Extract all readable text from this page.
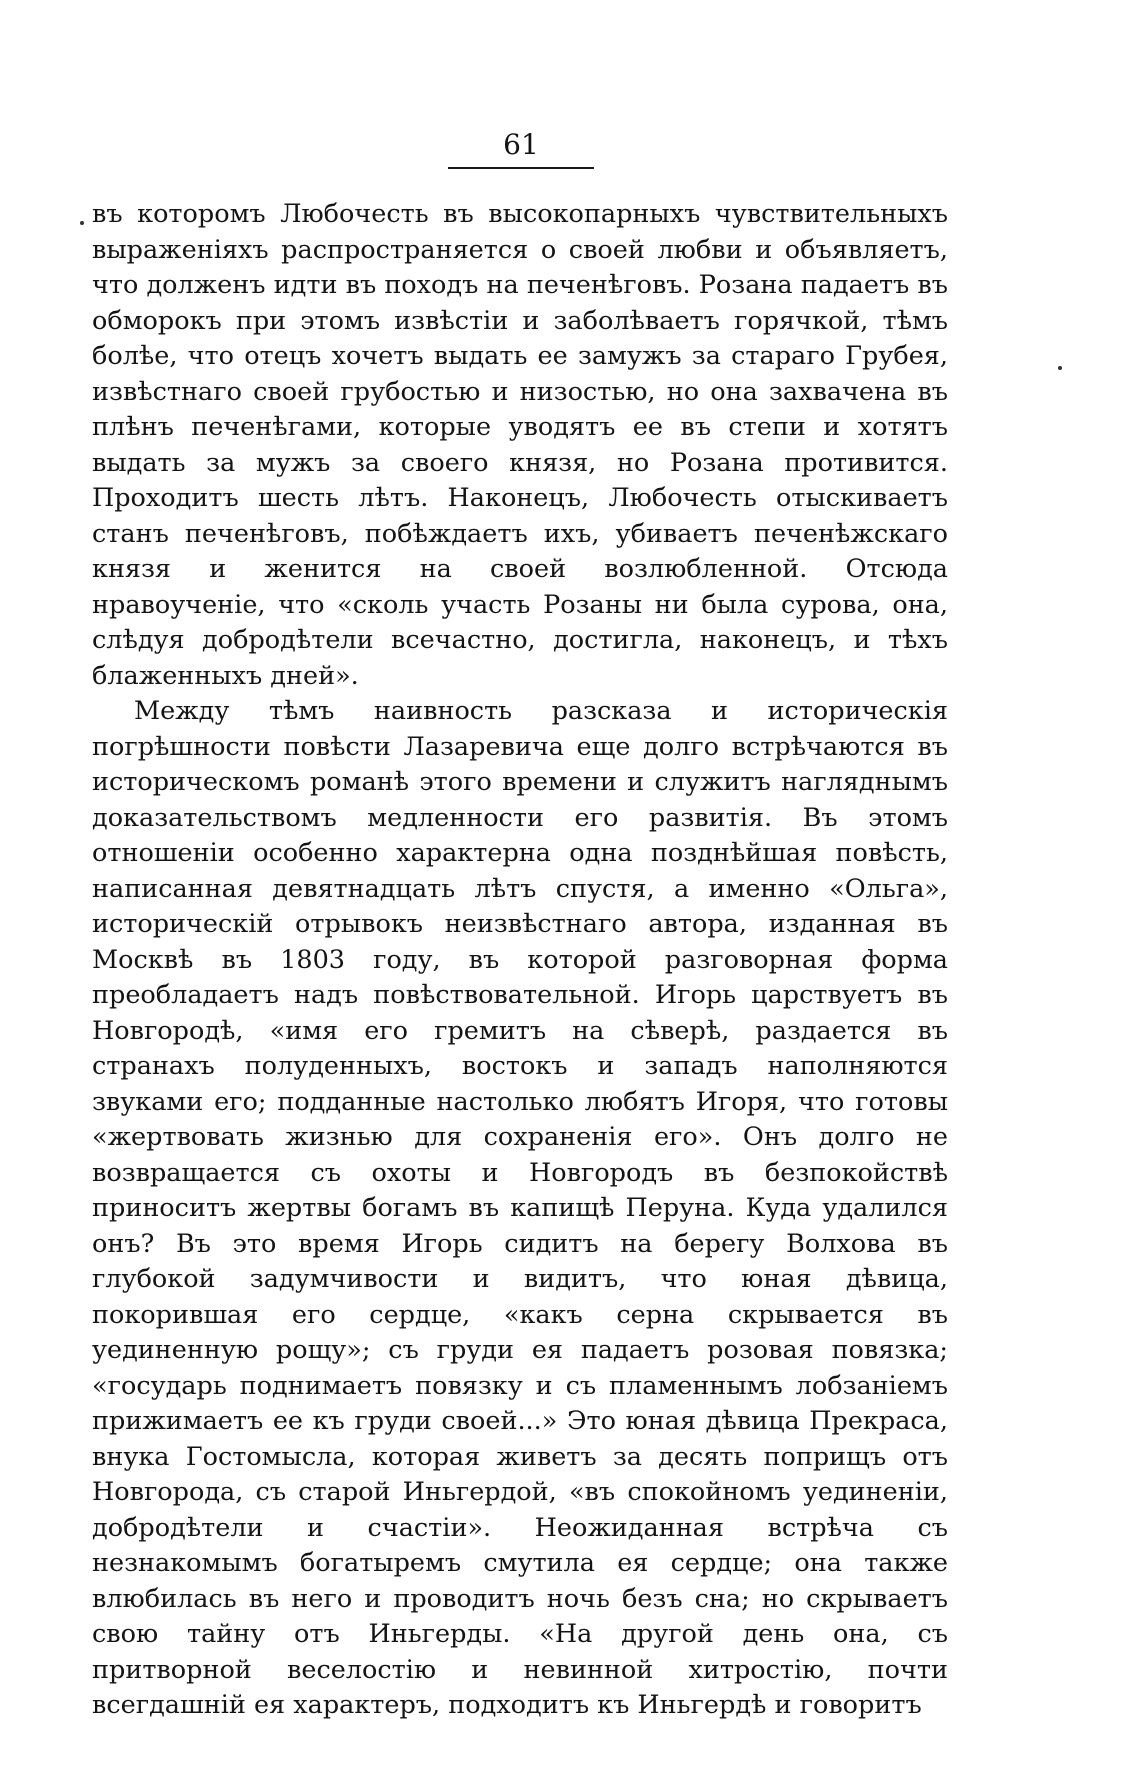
61

въ которомъ Любочесть въ высокопарныхъ чувствительныхъ выраженіяхъ распространяется о своей любви и объявляетъ, что долженъ идти въ походъ на печенѣговъ. Розана падаетъ въ обморокъ при этомъ извѣстіи и заболѣваетъ горячкой, тѣмъ болѣе, что отецъ хочетъ выдать ее замужъ за стараго Грубея, извѣстнаго своей грубостью и низостью, но она захвачена въ плѣнъ печенѣгами, которые уводятъ ее въ степи и хотятъ выдать за мужъ за своего князя, но Розана противится. Проходитъ шесть лѣтъ. Наконецъ, Любочесть отыскиваетъ станъ печенѣговъ, побѣждаетъ ихъ, убиваетъ печенѣжскаго князя и женится на своей возлюбленной. Отсюда нравоученіе, что «сколь участь Розаны ни была сурова, она, слѣдуя добродѣтели всечастно, достигла, наконецъ, и тѣхъ блаженныхъ дней».

Между тѣмъ наивность разсказа и историческія погрѣшности повѣсти Лазаревича еще долго встрѣчаются въ историческомъ романѣ этого времени и служитъ нагляднымъ доказательствомъ медленности его развитія. Въ этомъ отношеніи особенно характерна одна позднѣйшая повѣсть, написанная девятнадцать лѣтъ спустя, а именно «Ольга», историческій отрывокъ неизвѣстнаго автора, изданная въ Москвѣ въ 1803 году, въ которой разговорная форма преобладаетъ надъ повѣствовательной. Игорь царствуетъ въ Новгородѣ, «имя его гремитъ на сѣверѣ, раздается въ странахъ полуденныхъ, востокъ и западъ наполняются звуками его; подданные настолько любятъ Игоря, что готовы «жертвовать жизнью для сохраненія его». Онъ долго не возвращается съ охоты и Новгородъ въ безпокойствѣ приноситъ жертвы богамъ въ капищѣ Перуна. Куда удалился онъ? Въ это время Игорь сидитъ на берегу Волхова въ глубокой задумчивости и видитъ, что юная дѣвица, покорившая его сердце, «какъ серна скрывается въ уединенную рощу»; съ груди ея падаетъ розовая повязка; «государь поднимаетъ повязку и съ пламеннымъ лобзаніемъ прижимаетъ ее къ груди своей...» Это юная дѣвица Прекраса, внука Гостомысла, которая живетъ за десять поприщъ отъ Новгорода, съ старой Иньгердой, «въ спокойномъ уединеніи, добродѣтели и счастіи». Неожиданная встрѣча съ незнакомымъ богатыремъ смутила ея сердце; она также влюбилась въ него и проводитъ ночь безъ сна; но скрываетъ свою тайну отъ Иньгерды. «На другой день она, съ притворной веселостію и невинной хитростію, почти всегдашній ея характеръ, подходитъ къ Иньгердѣ и говоритъ
